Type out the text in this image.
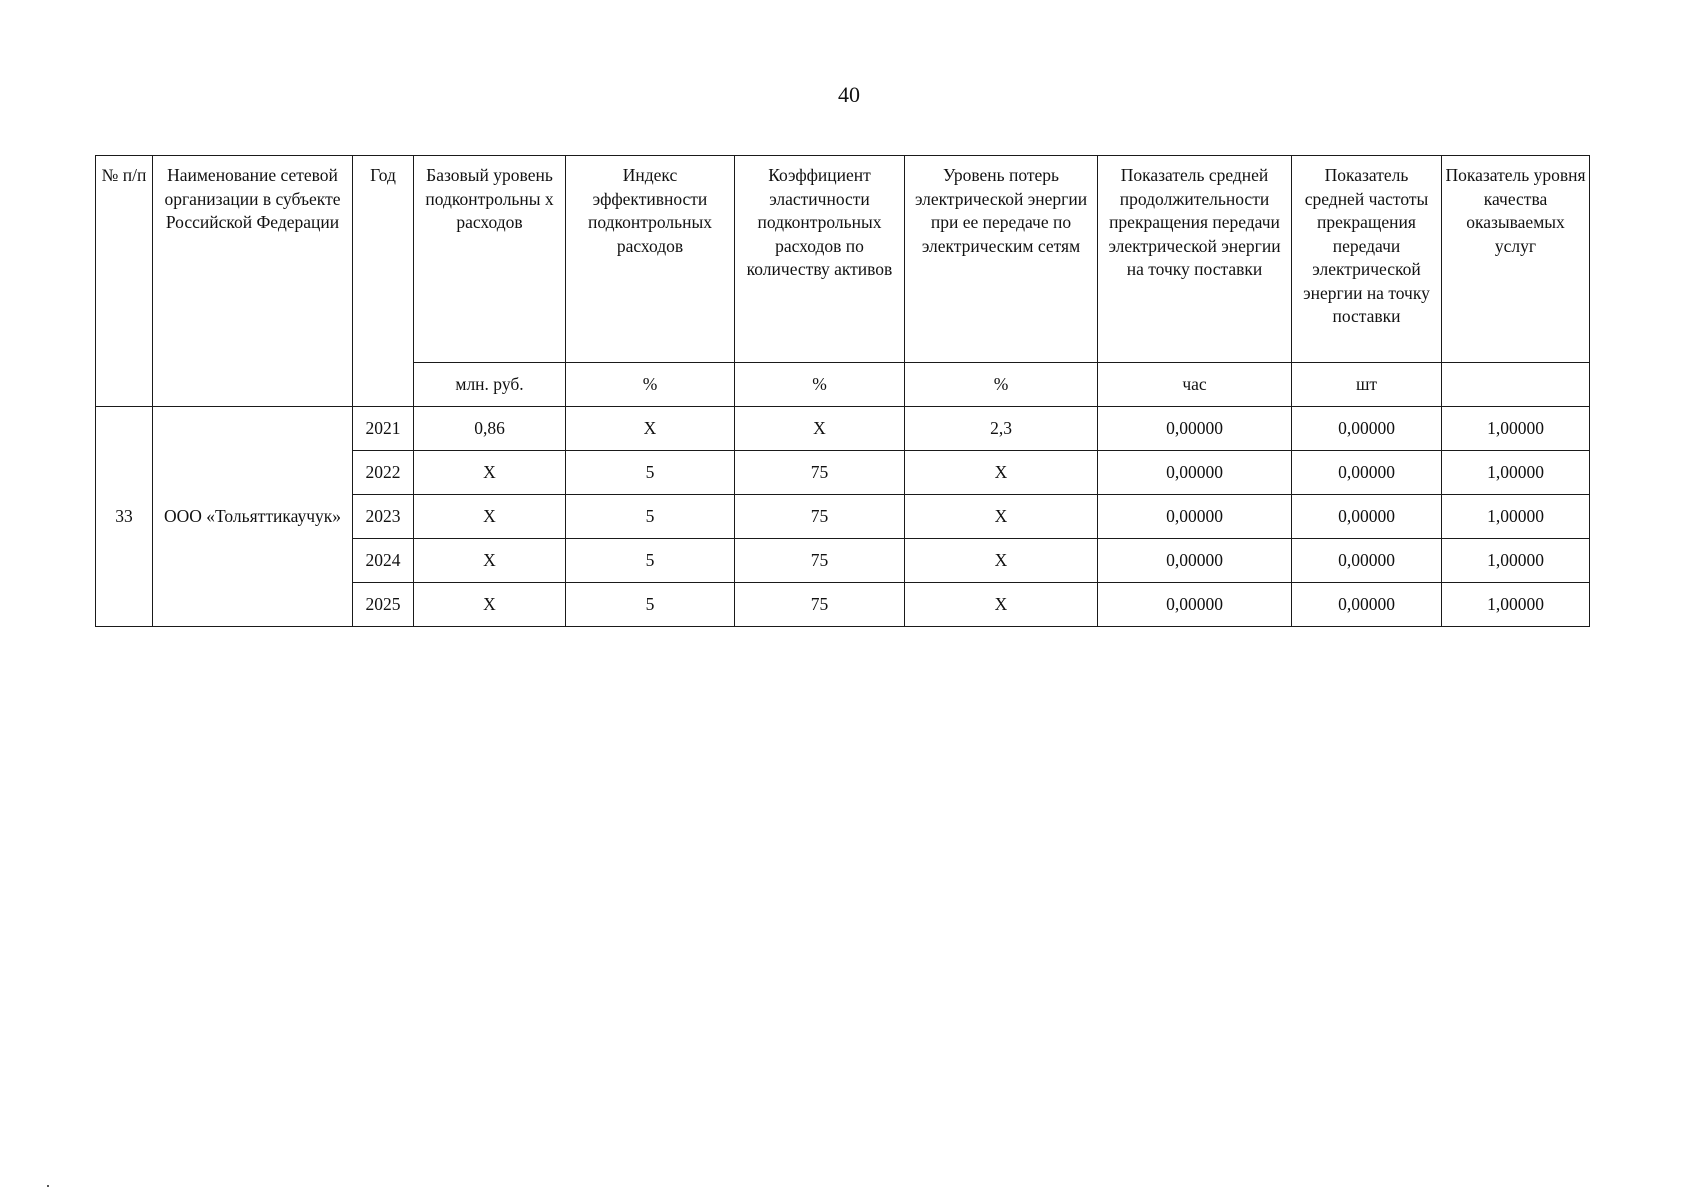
40
№ п/п	Наименование сетевой организации в субъекте Российской Федерации	Год	Базовый уровень подконтрольны х расходов	Индекс эффективности подконтрольных расходов	Коэффициент эластичности подконтрольных расходов по количеству активов	Уровень потерь электрической энергии при ее передаче по электрическим сетям	Показатель средней продолжительности прекращения передачи электрической энергии на точку поставки	Показатель средней частоты прекращения передачи электрической энергии на точку поставки	Показатель уровня качества оказываемых услуг
			млн. руб.	%	%	%	час	шт	
33	ООО «Тольяттикаучук»	2021	0,86	Х	Х	2,3	0,00000	0,00000	1,00000
		2022	Х	5	75	Х	0,00000	0,00000	1,00000
		2023	Х	5	75	Х	0,00000	0,00000	1,00000
		2024	Х	5	75	Х	0,00000	0,00000	1,00000
		2025	Х	5	75	Х	0,00000	0,00000	1,00000
